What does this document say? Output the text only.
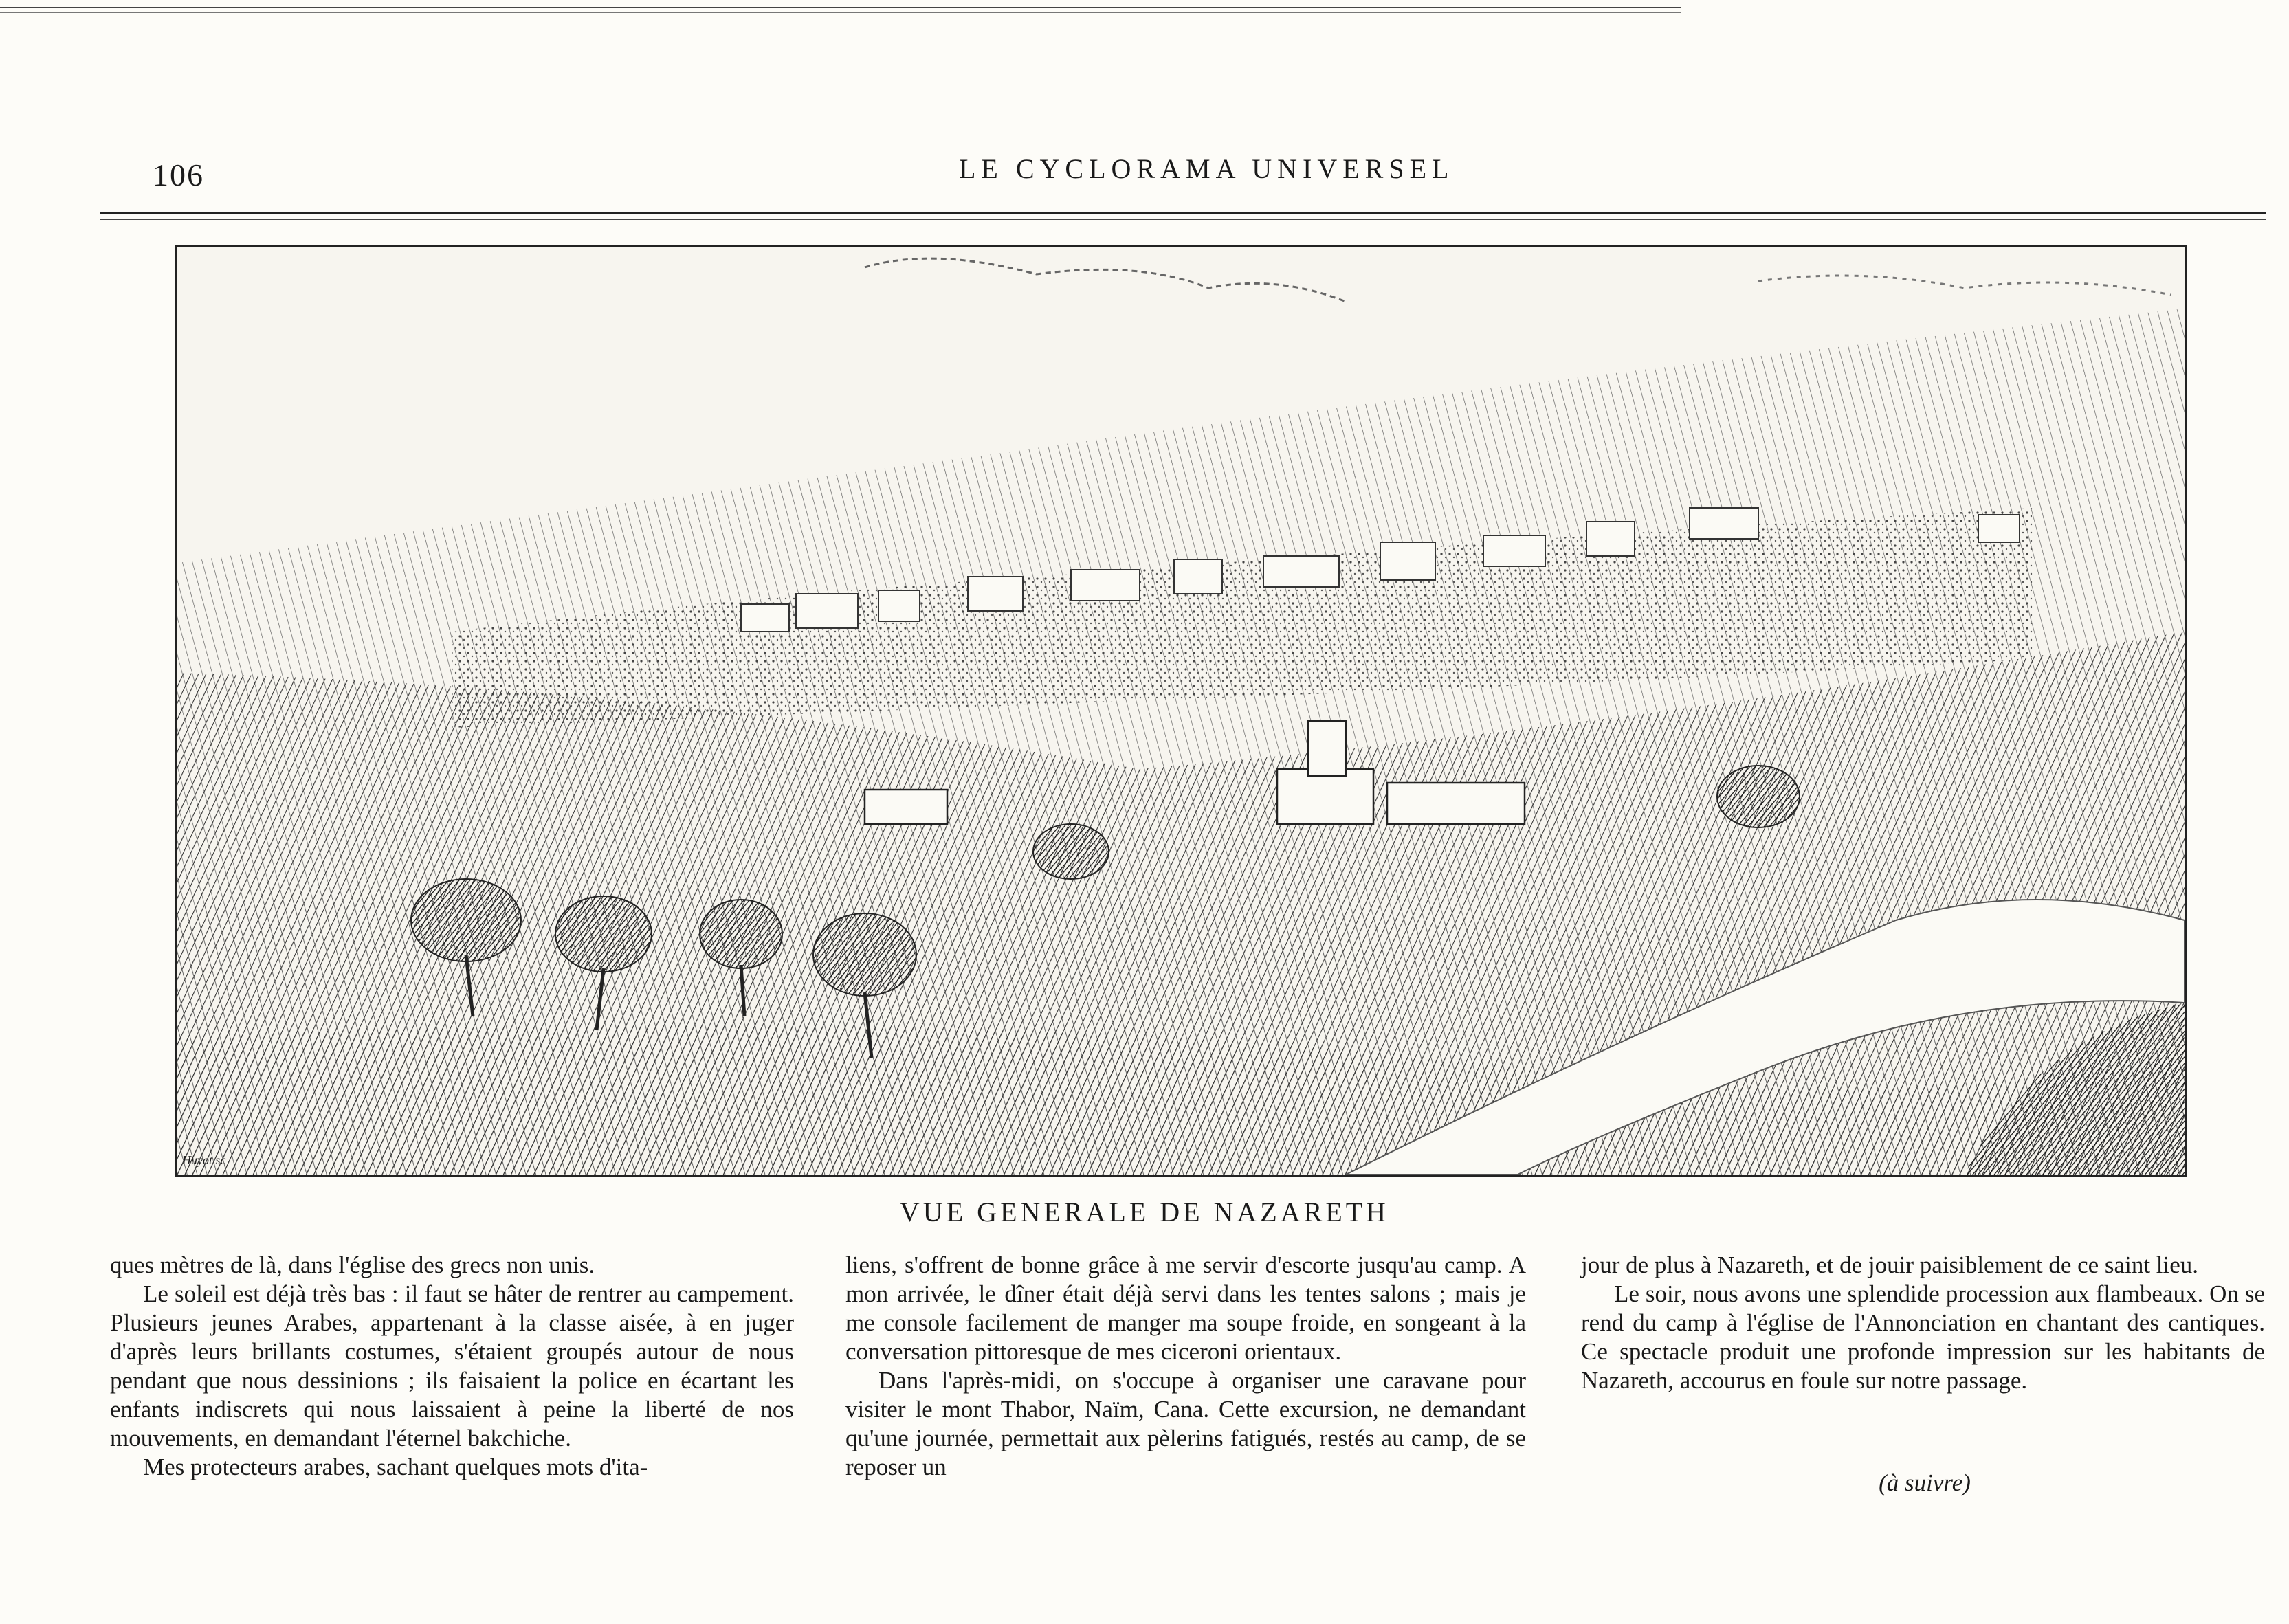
106	LE CYCLORAMA UNIVERSEL
Huyot sc
VUE GENERALE DE NAZARETH

ques mètres de là, dans l'église des grecs non unis.

Le soleil est déjà très bas : il faut se hâter de rentrer au campement. Plusieurs jeunes Arabes, appartenant à la classe aisée, à en juger d'après leurs brillants costumes, s'étaient groupés autour de nous pendant que nous dessinions ; ils faisaient la police en écartant les enfants indiscrets qui nous laissaient à peine la liberté de nos mouvements, en demandant l'éternel bakchiche.

Mes protecteurs arabes, sachant quelques mots d'ita-

liens, s'offrent de bonne grâce à me servir d'escorte jusqu'au camp. A mon arrivée, le dîner était déjà servi dans les tentes salons ; mais je me console facilement de manger ma soupe froide, en songeant à la conversation pittoresque de mes ciceroni orientaux.

Dans l'après-midi, on s'occupe à organiser une caravane pour visiter le mont Thabor, Naïm, Cana. Cette excursion, ne demandant qu'une journée, permettait aux pèlerins fatigués, restés au camp, de se reposer un

jour de plus à Nazareth, et de jouir paisiblement de ce saint lieu.

Le soir, nous avons une splendide procession aux flambeaux. On se rend du camp à l'église de l'Annonciation en chantant des cantiques. Ce spectacle produit une profonde impression sur les habitants de Nazareth, accourus en foule sur notre passage.

(à suivre)
